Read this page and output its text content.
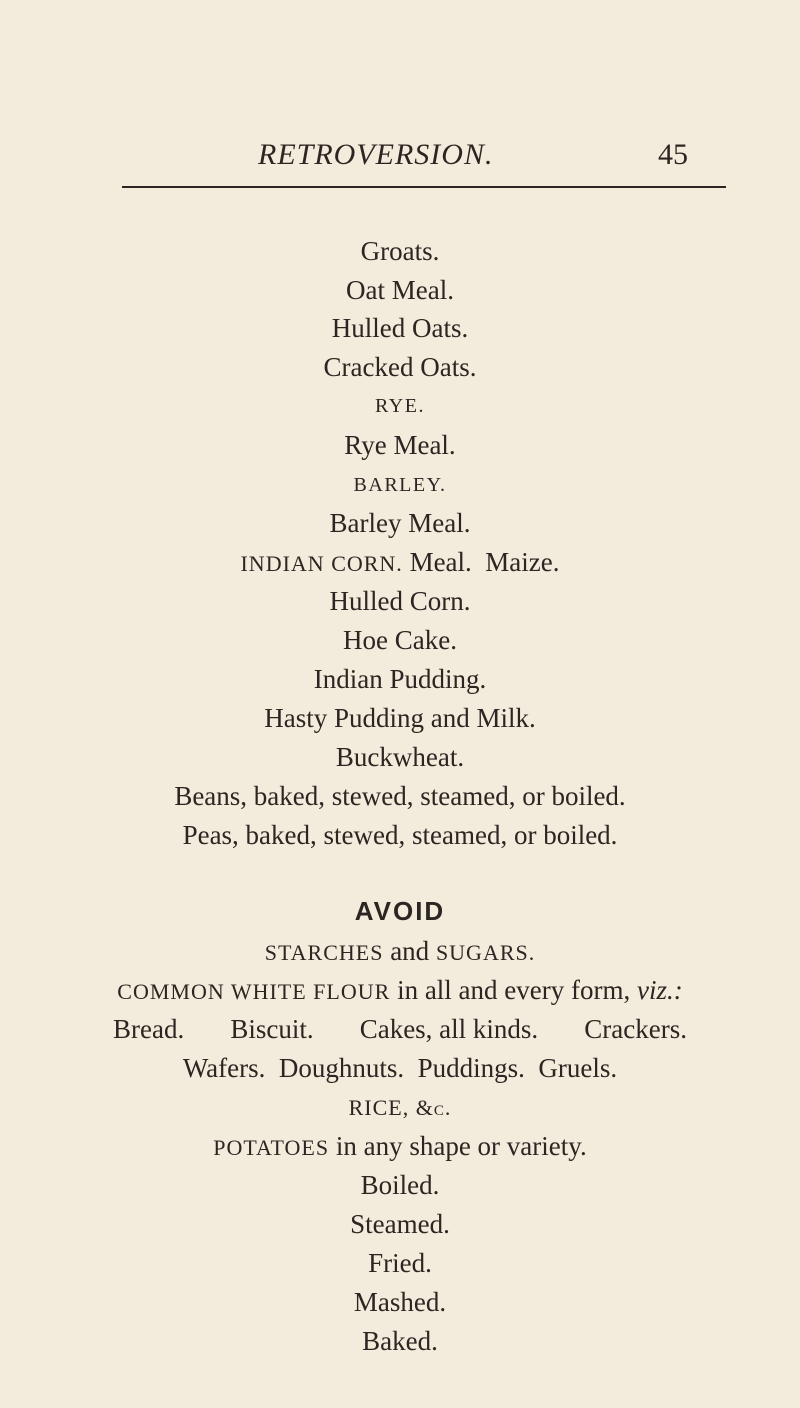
RETROVERSION.	45
Groats.
Oat Meal.
Hulled Oats.
Cracked Oats.
RYE.
Rye Meal.
BARLEY.
Barley Meal.
INDIAN CORN. Meal. Maize.
Hulled Corn.
Hoe Cake.
Indian Pudding.
Hasty Pudding and Milk.
Buckwheat.
Beans, baked, stewed, steamed, or boiled.
Peas, baked, stewed, steamed, or boiled.
AVOID
STARCHES and SUGARS.
COMMON WHITE FLOUR in all and every form, viz.:
Bread. Biscuit. Cakes, all kinds. Crackers.
Wafers. Doughnuts. Puddings. Gruels.
RICE, &c.
POTATOES in any shape or variety.
Boiled.
Steamed.
Fried.
Mashed.
Baked.
